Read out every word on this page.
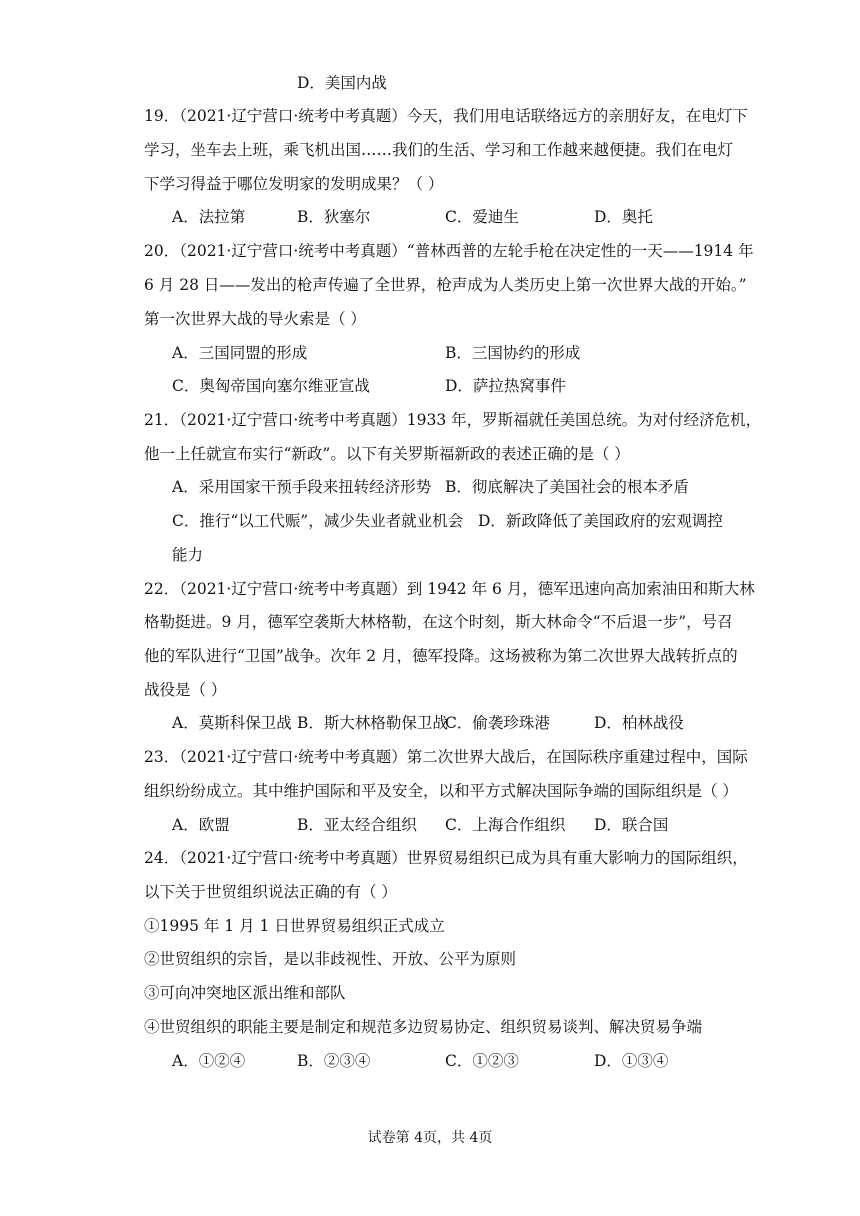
D．美国内战
19．（2021·辽宁营口·统考中考真题）今天，我们用电话联络远方的亲朋好友，在电灯下
学习，坐车去上班，乘飞机出国……我们的生活、学习和工作越来越便捷。我们在电灯
下学习得益于哪位发明家的发明成果？（ ）
A．法拉第	B．狄塞尔	C．爱迪生	D．奥托
20．（2021·辽宁营口·统考中考真题）“普林西普的左轮手枪在决定性的一天——1914 年
6 月 28 日——发出的枪声传遍了全世界，枪声成为人类历史上第一次世界大战的开始。”
第一次世界大战的导火索是（ ）
A．三国同盟的形成	B．三国协约的形成
C．奥匈帝国向塞尔维亚宣战	D．萨拉热窝事件
21．（2021·辽宁营口·统考中考真题）1933 年，罗斯福就任美国总统。为对付经济危机，
他一上任就宣布实行“新政”。以下有关罗斯福新政的表述正确的是（ ）
A．采用国家干预手段来扭转经济形势 B．彻底解决了美国社会的根本矛盾
C．推行“以工代赈”，减少失业者就业机会 D．新政降低了美国政府的宏观调控
能力
22．（2021·辽宁营口·统考中考真题）到 1942 年 6 月，德军迅速向高加索油田和斯大林
格勒挺进。9 月，德军空袭斯大林格勒，在这个时刻，斯大林命令“不后退一步”，号召
他的军队进行“卫国”战争。次年 2 月，德军投降。这场被称为第二次世界大战转折点的
战役是（ ）
A．莫斯科保卫战 B．斯大林格勒保卫战
C．偷袭珍珠港	D．柏林战役
23．（2021·辽宁营口·统考中考真题）第二次世界大战后，在国际秩序重建过程中，国际
组织纷纷成立。其中维护国际和平及安全，以和平方式解决国际争端的国际组织是（ ）
A．欧盟	B．亚太经合组织 C．上海合作组织 D．联合国
24．（2021·辽宁营口·统考中考真题）世界贸易组织已成为具有重大影响力的国际组织，
以下关于世贸组织说法正确的有（ ）
①1995 年 1 月 1 日世界贸易组织正式成立
②世贸组织的宗旨，是以非歧视性、开放、公平为原则
③可向冲突地区派出维和部队
④世贸组织的职能主要是制定和规范多边贸易协定、组织贸易谈判、解决贸易争端
A．①②④	B．②③④	C．①②③	D．①③④
试卷第 4页，共 4页
